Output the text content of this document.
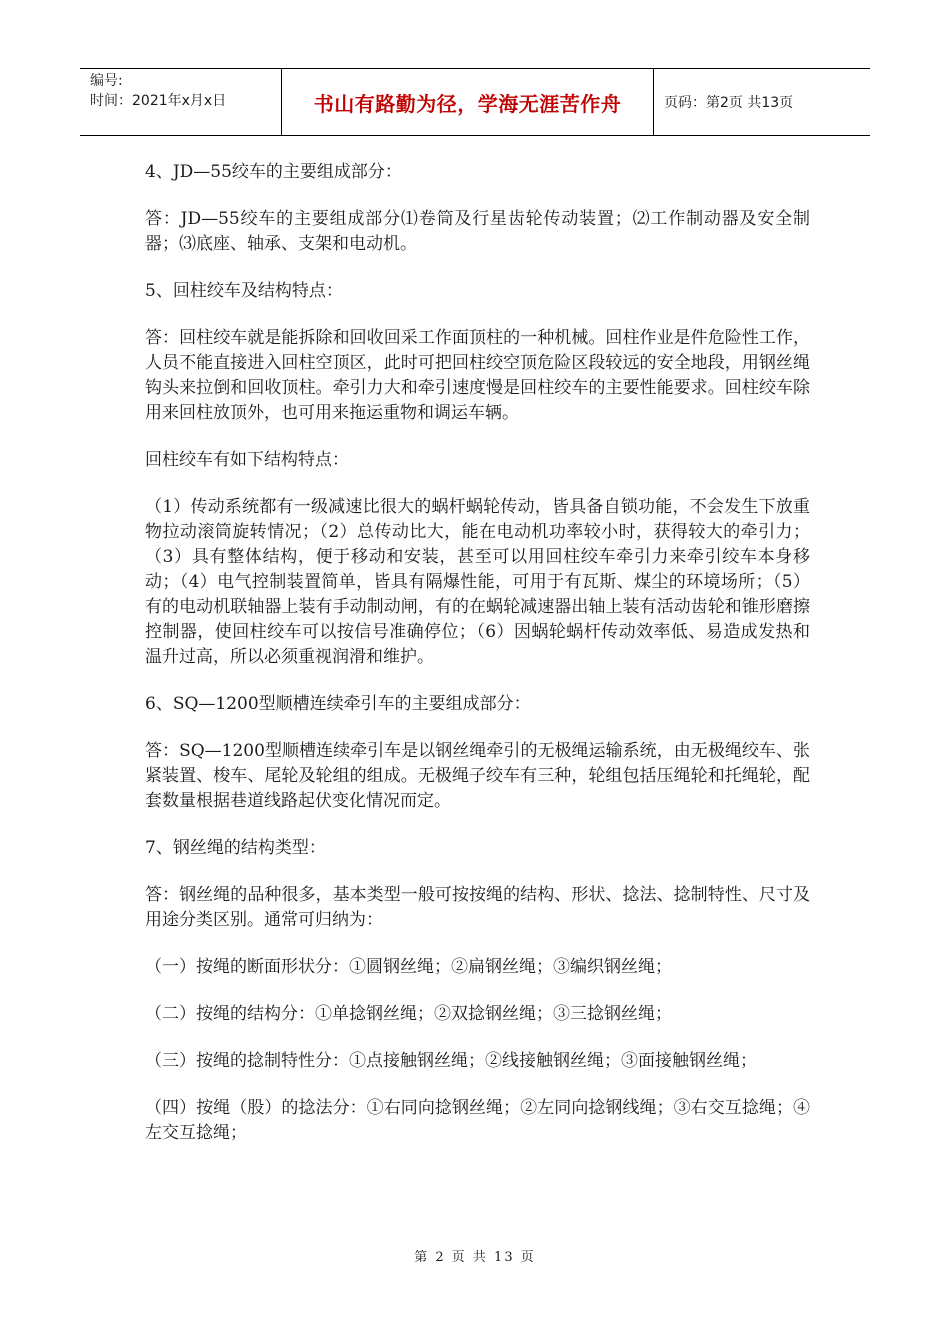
编号:
时间：2021年x月x日	书山有路勤为径，学海无涯苦作舟	页码：第2页 共13页

4、JD—55绞车的主要组成部分：

答：JD—55绞车的主要组成部分⑴卷筒及行星齿轮传动装置；⑵工作制动器及安全制器；⑶底座、轴承、支架和电动机。

5、回柱绞车及结构特点：

答：回柱绞车就是能拆除和回收回采工作面顶柱的一种机械。回柱作业是件危险性工作，人员不能直接进入回柱空顶区，此时可把回柱绞空顶危险区段较远的安全地段，用钢丝绳钩头来拉倒和回收顶柱。牵引力大和牵引速度慢是回柱绞车的主要性能要求。回柱绞车除用来回柱放顶外，也可用来拖运重物和调运车辆。

回柱绞车有如下结构特点：

（1）传动系统都有一级减速比很大的蜗杆蜗轮传动，皆具备自锁功能，不会发生下放重物拉动滚筒旋转情况；（2）总传动比大，能在电动机功率较小时，获得较大的牵引力；（3）具有整体结构，便于移动和安装，甚至可以用回柱绞车牵引力来牵引绞车本身移动；（4）电气控制装置简单，皆具有隔爆性能，可用于有瓦斯、煤尘的环境场所；（5）有的电动机联轴器上装有手动制动闸，有的在蜗轮减速器出轴上装有活动齿轮和锥形磨擦控制器，使回柱绞车可以按信号准确停位；（6）因蜗轮蜗杆传动效率低、易造成发热和温升过高，所以必须重视润滑和维护。

6、SQ—1200型顺槽连续牵引车的主要组成部分：

答：SQ—1200型顺槽连续牵引车是以钢丝绳牵引的无极绳运输系统，由无极绳绞车、张紧装置、梭车、尾轮及轮组的组成。无极绳子绞车有三种，轮组包括压绳轮和托绳轮，配套数量根据巷道线路起伏变化情况而定。

7、钢丝绳的结构类型：

答：钢丝绳的品种很多，基本类型一般可按按绳的结构、形状、捻法、捻制特性、尺寸及用途分类区别。通常可归纳为：

（一）按绳的断面形状分：①圆钢丝绳；②扁钢丝绳；③编织钢丝绳；

（二）按绳的结构分：①单捻钢丝绳；②双捻钢丝绳；③三捻钢丝绳；

（三）按绳的捻制特性分：①点接触钢丝绳；②线接触钢丝绳；③面接触钢丝绳；

（四）按绳（股）的捻法分：①右同向捻钢丝绳；②左同向捻钢线绳；③右交互捻绳；④左交互捻绳；

第 2 页 共 13 页
